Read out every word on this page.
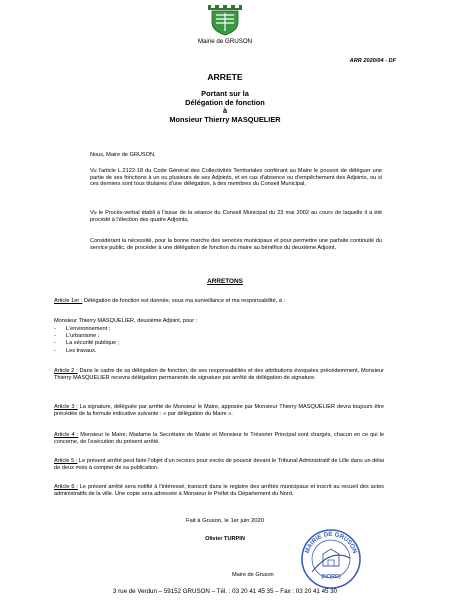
Mairie de GRUSON
ARR 2020/04 - DF
ARRETE
Portant sur la
Délégation de fonction
à
Monsieur Thierry MASQUELIER
Nous, Maire de GRUSON,
Vu l'article L.2122-18 du Code Général des Collectivités Territoriales conférant au Maire le pouvoir de déléguer une partie de ses fonctions à un ou plusieurs de ses Adjoints, et en cas d'absence ou d'empêchement des Adjoints, ou si ces derniers sont tous titulaires d'une délégation, à des membres du Conseil Municipal,
Vu le Procès-verbal établi à l'issue de la séance du Conseil Municipal du 23 mai 2002 au cours de laquelle il a été procédé à l'élection des quatre Adjoints,
Considérant la nécessité, pour la bonne marche des services municipaux et pour permettre une parfaite continuité du service public, de procéder à une délégation de fonction du maire au bénéfice du deuxième Adjoint,
ARRETONS
Article 1er : Délégation de fonction est donnée, sous ma surveillance et ma responsabilité, à :
Monsieur Thierry MASQUELIER, deuxième Adjoint, pour :
- L'environnement ;
- L'urbanisme ;
- La sécurité publique ;
- Les travaux.
Article 2 : Dans le cadre de sa délégation de fonction, de ses responsabilités et des attributions évoquées précédemment, Monsieur Thierry MASQUELIER recevra délégation permanente de signature par arrêté de délégation de signature.
Article 3 : La signature, déléguée par arrêté de Monsieur le Maire, apposée par Monsieur Thierry MASQUELIER devra toujours être précédée de la formule indicative suivante : « par délégation du Maire ».
Article 4 : Monsieur le Maire, Madame la Secrétaire de Mairie et Monsieur le Trésorier Principal sont chargés, chacun en ce qui le concerne, de l'exécution du présent arrêté.
Article 5 : Le présent arrêté peut faire l'objet d'un recours pour excès de pouvoir devant le Tribunal Administratif de Lille dans un délai de deux mois à compter de sa publication.
Article 6 : Le présent arrêté sera notifié à l'intéressé, transcrit dans le registre des arrêtés municipaux et inscrit au recueil des actes administratifs de la ville. Une copie sera adressée à Monsieur le Préfet du Département du Nord.
Fait à Gruson, le 1er juin 2020
Olivier TURPIN
MAIRIE DE GRUSON
(NORD)
Maire de Gruson
3 rue de Verdun – 59152 GRUSON – Tél. : 03 20 41 45 35 – Fax : 03 20 41 45 30
